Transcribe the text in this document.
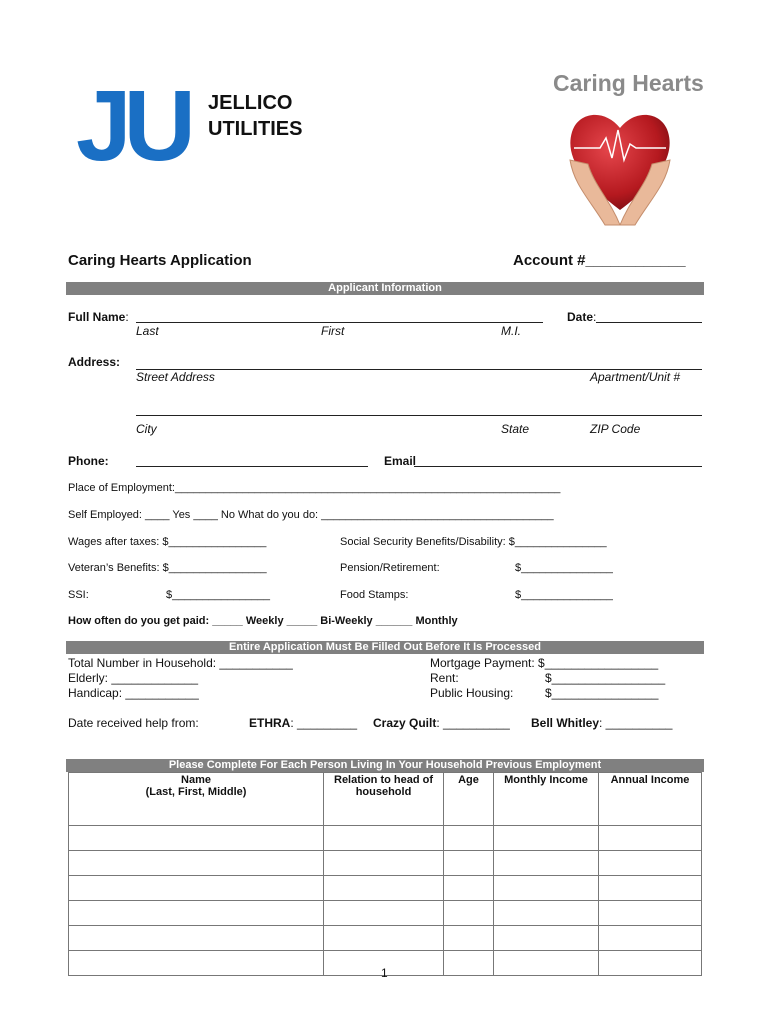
JU JELLICO
UTILITIES
Caring Hearts
Caring Hearts Application	Account #____________
Applicant Information
Full Name:	Date:
Last	First	M.I.
Address:
Street Address	Apartment/Unit #
City	State	ZIP Code
Phone:	Email
Place of Employment:_______________________________________________________________
Self Employed: ____ Yes ____ No What do you do: ______________________________________
Wages after taxes: $________________	Social Security Benefits/Disability: $_______________
Veteran’s Benefits: $________________	Pension/Retirement:	$_______________
SSI:	$________________	Food Stamps:	$_______________
How often do you get paid: _____ Weekly _____ Bi-Weekly ______ Monthly
Entire Application Must Be Filled Out Before It Is Processed
Total Number in Household: ___________
Elderly: _____________
Handicap: ___________
Mortgage Payment: $_________________
Rent:	$_________________
Public Housing:	$________________
Date received help from:	ETHRA: _________ Crazy Quilt: __________ Bell Whitley: __________
Please Complete For Each Person Living In Your Household Previous Employment
Name
(Last, First, Middle)	Relation to head of household	Age	Monthly Income	Annual Income

1
